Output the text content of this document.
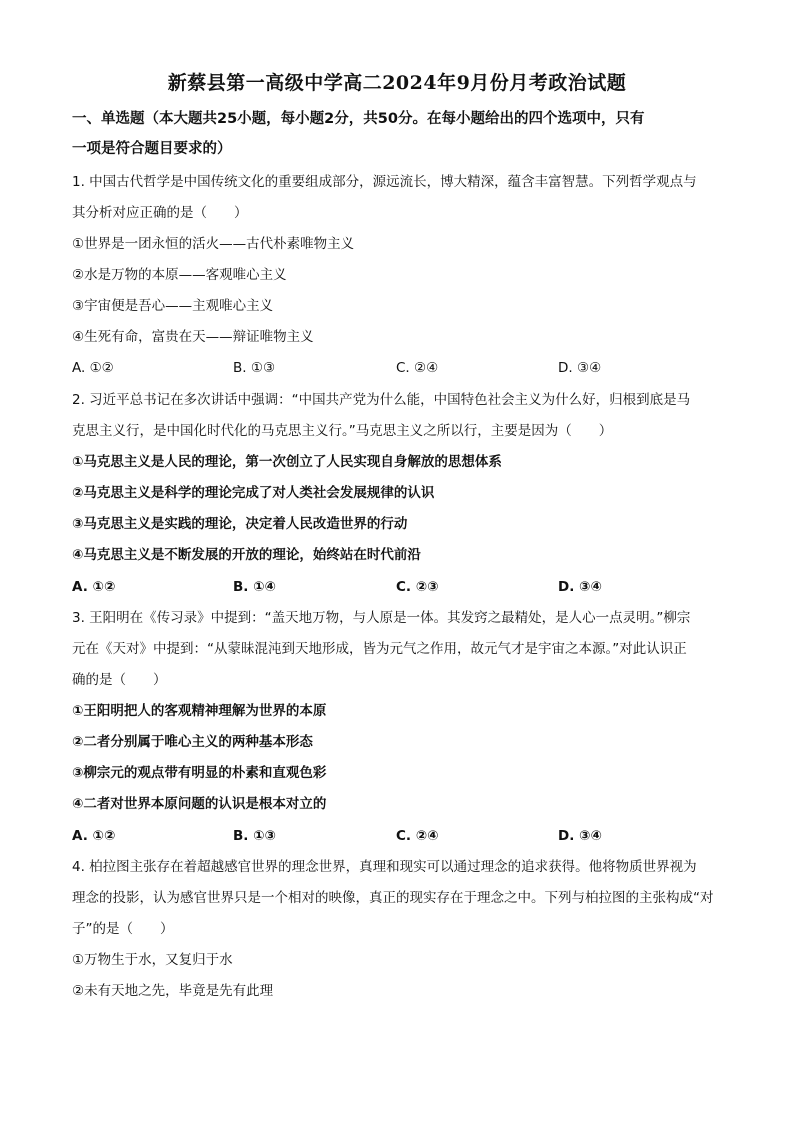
新蔡县第一高级中学高二2024年9月份月考政治试题
一、单选题（本大题共25小题，每小题2分，共50分。在每小题给出的四个选项中，只有
一项是符合题目要求的）
1. 中国古代哲学是中国传统文化的重要组成部分，源远流长，博大精深，蕴含丰富智慧。下列哲学观点与
其分析对应正确的是（　　）
①世界是一团永恒的活火——古代朴素唯物主义
②水是万物的本原——客观唯心主义
③宇宙便是吾心——主观唯心主义
④生死有命，富贵在天——辩证唯物主义
A. ①②	B. ①③	C. ②④	D. ③④
2. 习近平总书记在多次讲话中强调：“中国共产党为什么能，中国特色社会主义为什么好，归根到底是马
克思主义行，是中国化时代化的马克思主义行。”马克思主义之所以行，主要是因为（　　）
①马克思主义是人民的理论，第一次创立了人民实现自身解放的思想体系
②马克思主义是科学的理论完成了对人类社会发展规律的认识
③马克思主义是实践的理论，决定着人民改造世界的行动
④马克思主义是不断发展的开放的理论，始终站在时代前沿
A. ①②	B. ①④	C. ②③	D. ③④
3. 王阳明在《传习录》中提到：“盖天地万物，与人原是一体。其发窍之最精处，是人心一点灵明。”柳宗
元在《天对》中提到：“从蒙昧混沌到天地形成，皆为元气之作用，故元气才是宇宙之本源。”对此认识正
确的是（　　）
①王阳明把人的客观精神理解为世界的本原
②二者分别属于唯心主义的两种基本形态
③柳宗元的观点带有明显的朴素和直观色彩
④二者对世界本原问题的认识是根本对立的
A. ①②	B. ①③	C. ②④	D. ③④
4. 柏拉图主张存在着超越感官世界的理念世界，真理和现实可以通过理念的追求获得。他将物质世界视为
理念的投影，认为感官世界只是一个相对的映像，真正的现实存在于理念之中。下列与柏拉图的主张构成“对
子”的是（　　）
①万物生于水，又复归于水
②未有天地之先，毕竟是先有此理
